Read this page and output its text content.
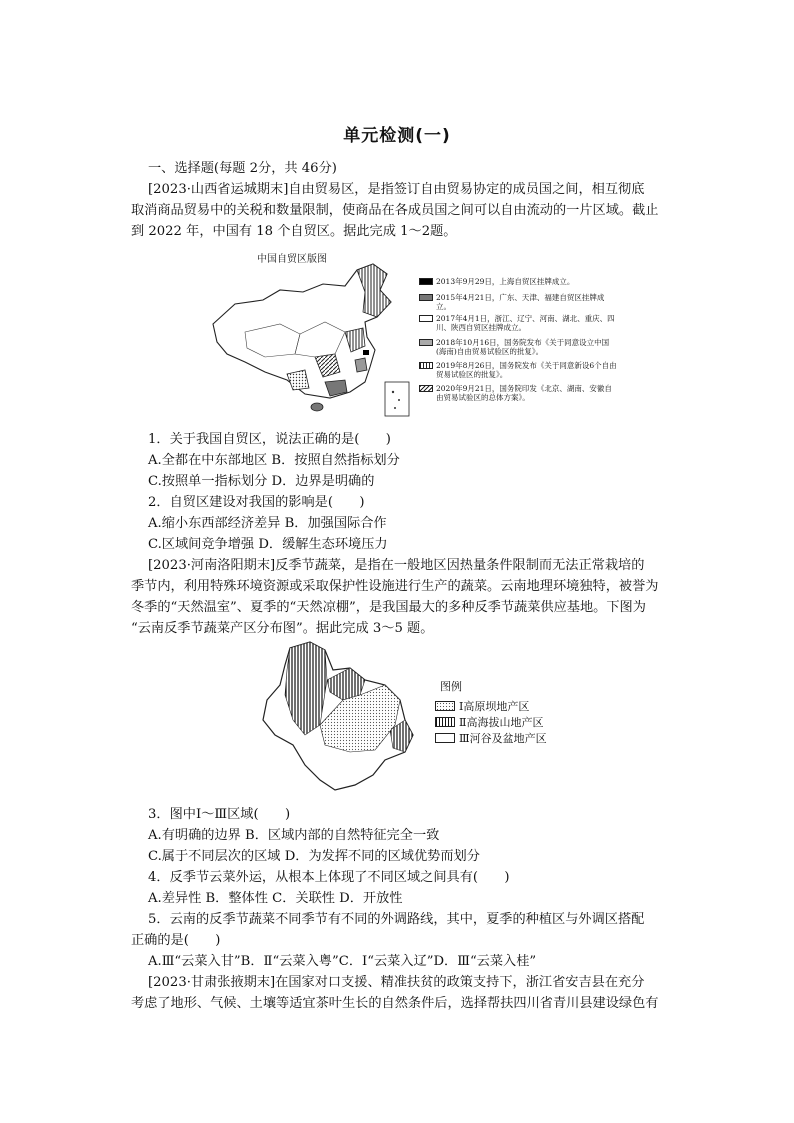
单元检测(一)
一、选择题(每题 2分，共 46分)
[2023·山西省运城期末]自由贸易区，是指签订自由贸易协定的成员国之间，相互彻底
取消商品贸易中的关税和数量限制，使商品在各成员国之间可以自由流动的一片区域。截止
到 2022 年，中国有 18 个自贸区。据此完成 1～2题。
中国自贸区版图
2013年9月29日，上海自贸区挂牌成立。
2015年4月21日，广东、天津、福建自贸区挂牌成立。
2017年4月1日，浙江、辽宁、河南、湖北、重庆、四川、陕西自贸区挂牌成立。
2018年10月16日，国务院发布《关于同意设立中国(海南)自由贸易试验区的批复》。
2019年8月26日，国务院发布《关于同意新设6个自由贸易试验区的批复》。
2020年9月21日，国务院印发《北京、湖南、安徽自由贸易试验区的总体方案》。
1．关于我国自贸区，说法正确的是(　　)
A.全都在中东部地区 B．按照自然指标划分
C.按照单一指标划分 D．边界是明确的
2．自贸区建设对我国的影响是(　　)
A.缩小东西部经济差异 B．加强国际合作
C.区域间竞争增强 D．缓解生态环境压力
[2023·河南洛阳期末]反季节蔬菜，是指在一般地区因热量条件限制而无法正常栽培的
季节内，利用特殊环境资源或采取保护性设施进行生产的蔬菜。云南地理环境独特，被誉为
冬季的“天然温室”、夏季的“天然凉棚”，是我国最大的多种反季节蔬菜供应基地。下图为
“云南反季节蔬菜产区分布图”。据此完成 3～5 题。
图例
Ⅰ高原坝地产区
Ⅱ高海拔山地产区
Ⅲ河谷及盆地产区
3．图中Ⅰ～Ⅲ区域(　　)
A.有明确的边界 B．区域内部的自然特征完全一致
C.属于不同层次的区域 D．为发挥不同的区域优势而划分
4．反季节云菜外运，从根本上体现了不同区域之间具有(　　)
A.差异性 B．整体性 C．关联性 D．开放性
5．云南的反季节蔬菜不同季节有不同的外调路线，其中，夏季的种植区与外调区搭配
正确的是(　　)
A.Ⅲ“云菜入甘”B．Ⅱ“云菜入粤”C．Ⅰ“云菜入辽”D．Ⅲ“云菜入桂”
[2023·甘肃张掖期末]在国家对口支援、精准扶贫的政策支持下，浙江省安吉县在充分
考虑了地形、气候、土壤等适宜茶叶生长的自然条件后，选择帮扶四川省青川县建设绿色有
